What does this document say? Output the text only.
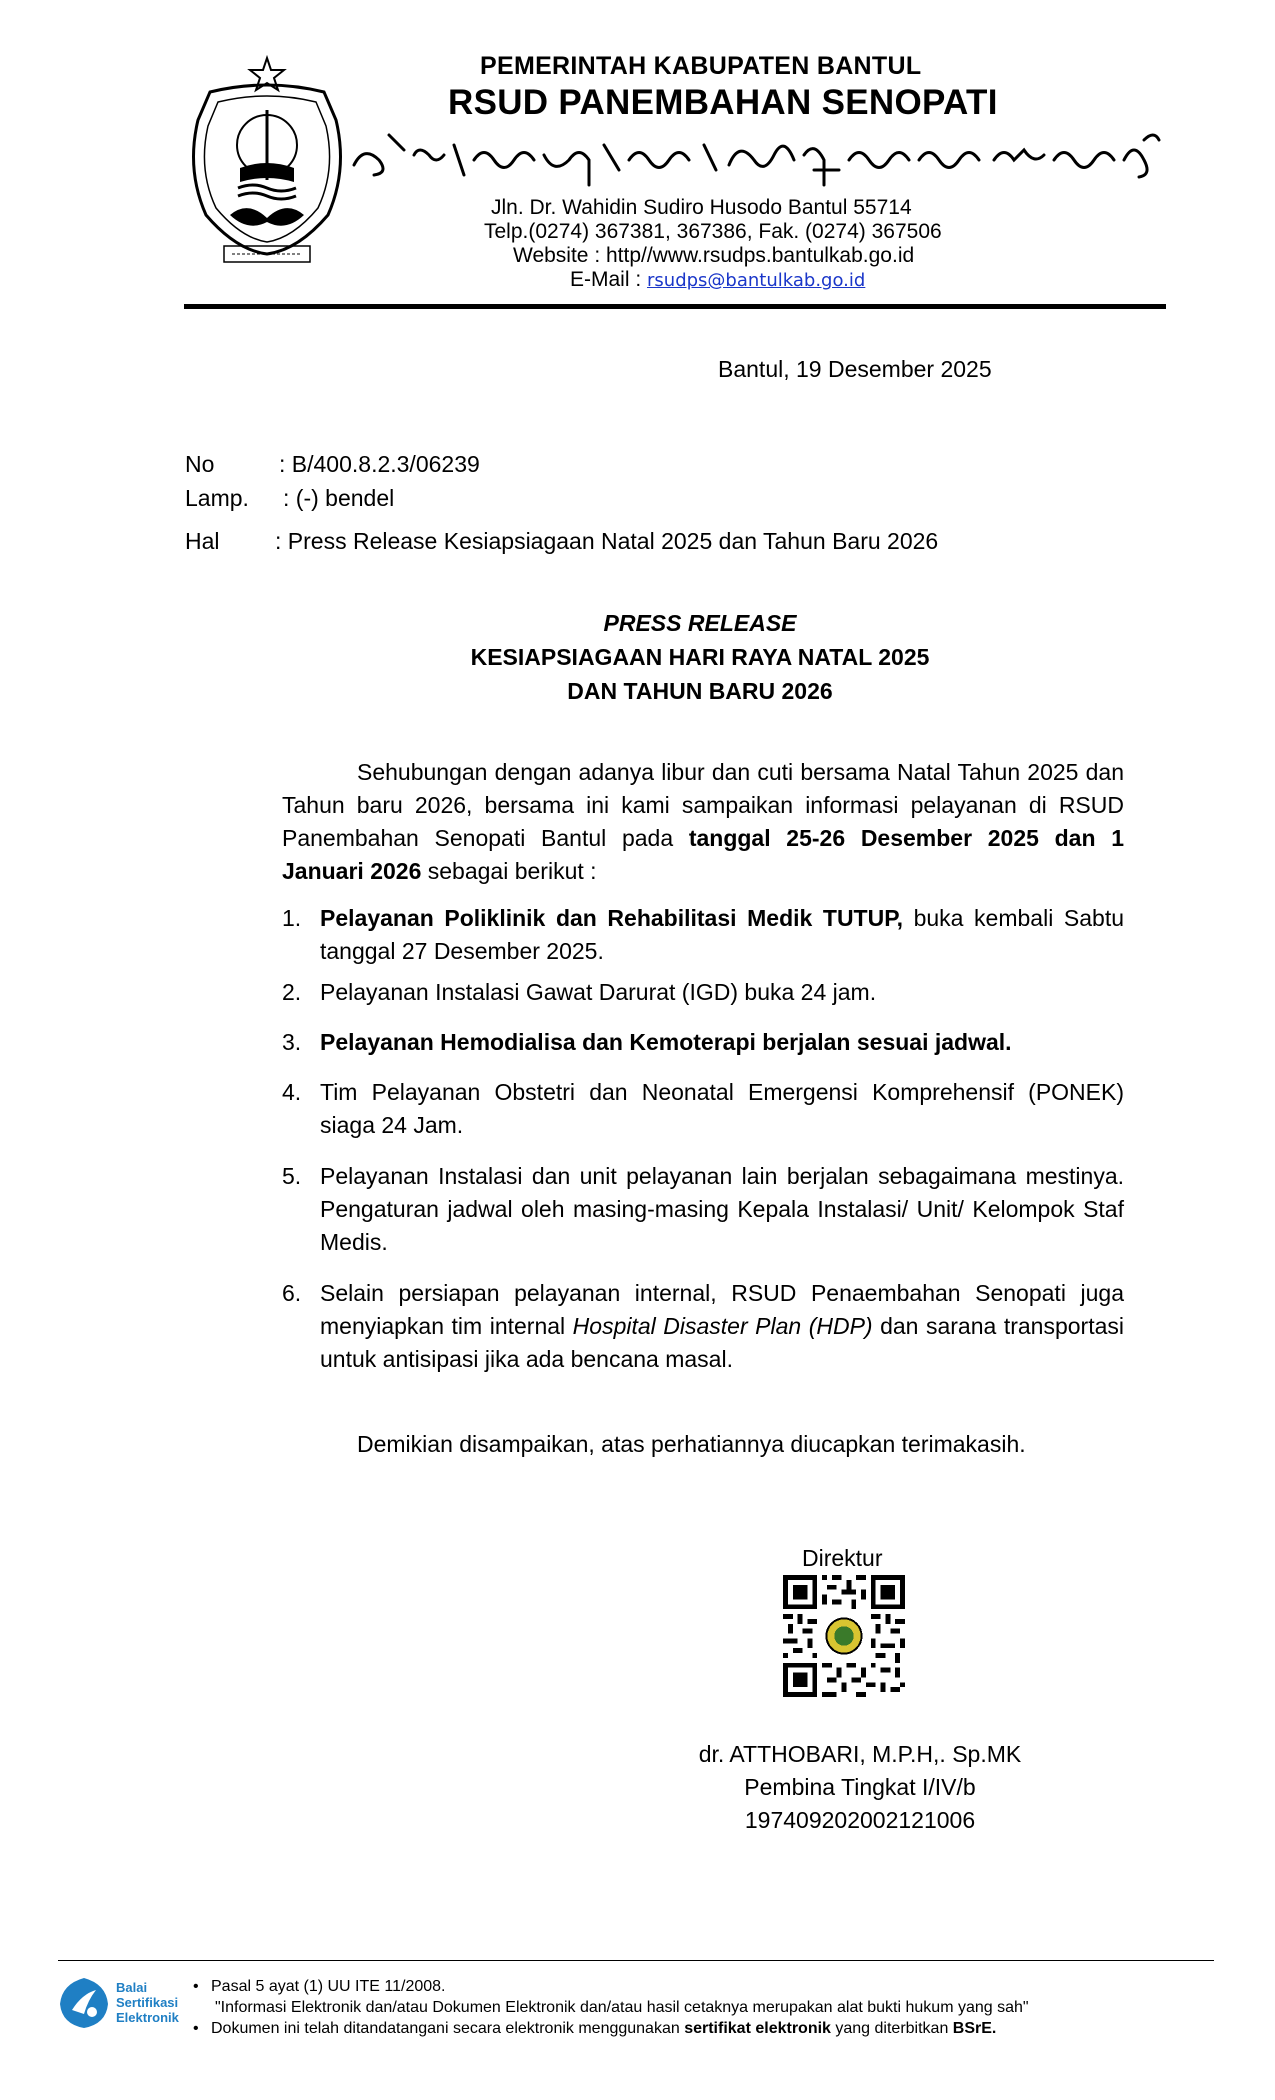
PEMERINTAH KABUPATEN BANTUL
RSUD PANEMBAHAN SENOPATI
Jln. Dr. Wahidin Sudiro Husodo Bantul 55714
Telp.(0274) 367381, 367386, Fak. (0274) 367506
Website : http//www.rsudps.bantulkab.go.id
E-Mail : rsudps@bantulkab.go.id
Bantul, 19 Desember 2025
No	: B/400.8.2.3/06239
Lamp. : (-) bendel
Hal : Press Release Kesiapsiagaan Natal 2025 dan Tahun Baru 2026
PRESS RELEASE
KESIAPSIAGAAN HARI RAYA NATAL 2025
DAN TAHUN BARU 2026
Sehubungan dengan adanya libur dan cuti bersama Natal Tahun 2025 dan Tahun baru 2026, bersama ini kami sampaikan informasi pelayanan di RSUD Panembahan Senopati Bantul pada tanggal 25-26 Desember 2025 dan 1 Januari 2026 sebagai berikut :
1. Pelayanan Poliklinik dan Rehabilitasi Medik TUTUP, buka kembali Sabtu tanggal 27 Desember 2025.
2. Pelayanan Instalasi Gawat Darurat (IGD) buka 24 jam.
3. Pelayanan Hemodialisa dan Kemoterapi berjalan sesuai jadwal.
4. Tim Pelayanan Obstetri dan Neonatal Emergensi Komprehensif (PONEK) siaga 24 Jam.
5. Pelayanan Instalasi dan unit pelayanan lain berjalan sebagaimana mestinya. Pengaturan jadwal oleh masing-masing Kepala Instalasi/ Unit/ Kelompok Staf Medis.
6. Selain persiapan pelayanan internal, RSUD Penaembahan Senopati juga menyiapkan tim internal Hospital Disaster Plan (HDP) dan sarana transportasi untuk antisipasi jika ada bencana masal.
Demikian disampaikan, atas perhatiannya diucapkan terimakasih.
Direktur
dr. ATTHOBARI, M.P.H,. Sp.MK
Pembina Tingkat I/IV/b
197409202002121006
Balai
Sertifikasi
Elektronik
• Pasal 5 ayat (1) UU ITE 11/2008.
"Informasi Elektronik dan/atau Dokumen Elektronik dan/atau hasil cetaknya merupakan alat bukti hukum yang sah"
• Dokumen ini telah ditandatangani secara elektronik menggunakan sertifikat elektronik yang diterbitkan BSrE.
